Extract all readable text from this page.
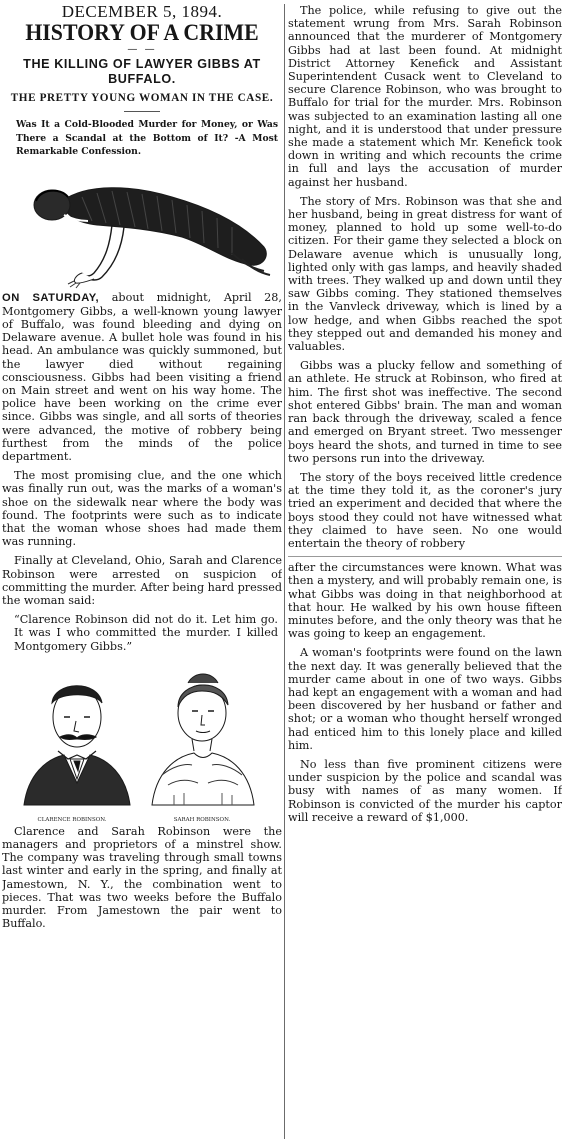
DECEMBER 5, 1894.
HISTORY OF A CRIME
— —
THE KILLING OF LAWYER GIBBS AT BUFFALO.
THE PRETTY YOUNG WOMAN IN THE CASE.
Was It a Cold-Blooded Murder for Money, or Was There a Scandal at the Bottom of It? -A Most Remarkable Confession.

ON SATURDAY, about midnight, April 28, Montgomery Gibbs, a well-known young lawyer of Buffalo, was found bleeding and dying on Delaware avenue. A bullet hole was found in his head. An ambulance was quickly summoned, but the lawyer died without regaining consciousness. Gibbs had been visiting a friend on Main street and went on his way home. The police have been working on the crime ever since. Gibbs was single, and all sorts of theories were advanced, the motive of robbery being furthest from the minds of the police department.

The most promising clue, and the one which was finally run out, was the marks of a woman's shoe on the sidewalk near where the body was found. The footprints were such as to indicate that the woman whose shoes had made them was running.

Finally at Cleveland, Ohio, Sarah and Clarence Robinson were arrested on suspicion of committing the murder. After being hard pressed the woman said:

“Clarence Robinson did not do it. Let him go. It was I who committed the murder. I killed Montgomery Gibbs.”

CLARENCE ROBINSON.	SARAH ROBINSON.

Clarence and Sarah Robinson were the managers and proprietors of a minstrel show. The company was traveling through small towns last winter and early in the spring, and finally at Jamestown, N. Y., the combination went to pieces. That was two weeks before the Buffalo murder. From Jamestown the pair went to Buffalo.

The police, while refusing to give out the statement wrung from Mrs. Sarah Robinson announced that the murderer of Montgomery Gibbs had at last been found. At midnight District Attorney Kenefick and Assistant Superintendent Cusack went to Cleveland to secure Clarence Robinson, who was brought to Buffalo for trial for the murder. Mrs. Robinson was subjected to an examination lasting all one night, and it is understood that under pressure she made a statement which Mr. Kenefick took down in writing and which recounts the crime in full and lays the accusation of murder against her husband.

The story of Mrs. Robinson was that she and her husband, being in great distress for want of money, planned to hold up some well-to-do citizen. For their game they selected a block on Delaware avenue which is unusually long, lighted only with gas lamps, and heavily shaded with trees. They walked up and down until they saw Gibbs coming. They stationed themselves in the Vanvleck driveway, which is lined by a low hedge, and when Gibbs reached the spot they stepped out and demanded his money and valuables.

Gibbs was a plucky fellow and something of an athlete. He struck at Robinson, who fired at him. The first shot was ineffective. The second shot entered Gibbs' brain. The man and woman ran back through the driveway, scaled a fence and emerged on Bryant street. Two messenger boys heard the shots, and turned in time to see two persons run into the driveway.

The story of the boys received little credence at the time they told it, as the coroner's jury tried an experiment and decided that where the boys stood they could not have witnessed what they claimed to have seen. No one would entertain the theory of robbery

after the circumstances were known. What was then a mystery, and will probably remain one, is what Gibbs was doing in that neighborhood at that hour. He walked by his own house fifteen minutes before, and the only theory was that he was going to keep an engagement.

A woman's footprints were found on the lawn the next day. It was generally believed that the murder came about in one of two ways. Gibbs had kept an engagement with a woman and had been discovered by her husband or father and shot; or a woman who thought herself wronged had enticed him to this lonely place and killed him.

No less than five prominent citizens were under suspicion by the police and scandal was busy with names of as many women. If Robinson is convicted of the murder his captor will receive a reward of $1,000.
